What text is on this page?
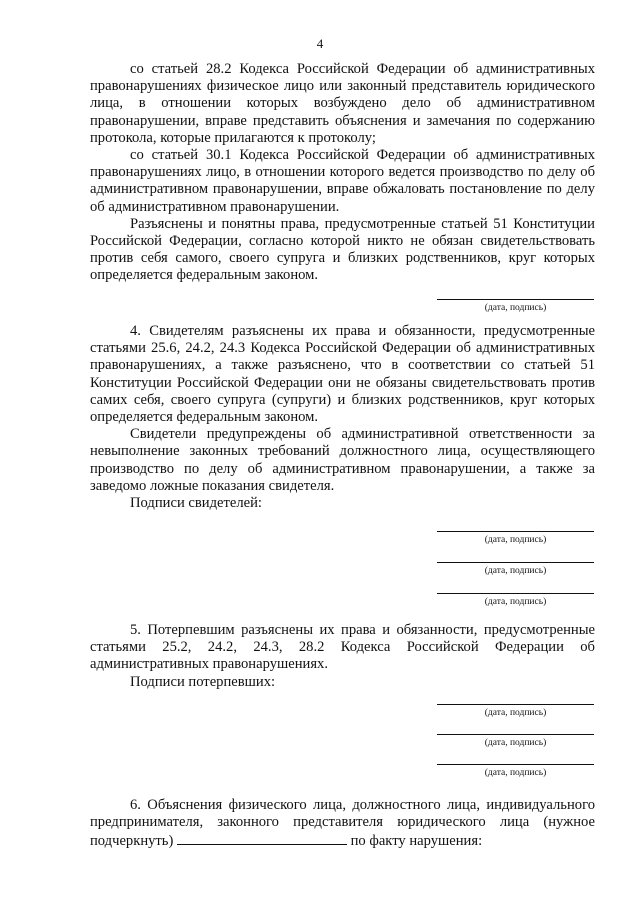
4

со статьей 28.2 Кодекса Российской Федерации об административных правонарушениях физическое лицо или законный представитель юридического лица, в отношении которых возбуждено дело об административном правонарушении, вправе представить объяснения и замечания по содержанию протокола, которые прилагаются к протоколу;

со статьей 30.1 Кодекса Российской Федерации об административных правонарушениях лицо, в отношении которого ведется производство по делу об административном правонарушении, вправе обжаловать постановление по делу об административном правонарушении.

Разъяснены и понятны права, предусмотренные статьей 51 Конституции Российской Федерации, согласно которой никто не обязан свидетельствовать против себя самого, своего супруга и близких родственников, круг которых определяется федеральным законом.

(дата, подпись)

4. Свидетелям разъяснены их права и обязанности, предусмотренные статьями 25.6, 24.2, 24.3 Кодекса Российской Федерации об административных правонарушениях, а также разъяснено, что в соответствии со статьей 51 Конституции Российской Федерации они не обязаны свидетельствовать против самих себя, своего супруга (супруги) и близких родственников, круг которых определяется федеральным законом.

Свидетели предупреждены об административной ответственности за невыполнение законных требований должностного лица, осуществляющего производство по делу об административном правонарушении, а также за заведомо ложные показания свидетеля.

Подписи свидетелей:

(дата, подпись)
(дата, подпись)
(дата, подпись)

5. Потерпевшим разъяснены их права и обязанности, предусмотренные статьями 25.2, 24.2, 24.3, 28.2 Кодекса Российской Федерации об административных правонарушениях.

Подписи потерпевших:

(дата, подпись)
(дата, подпись)
(дата, подпись)

6. Объяснения физического лица, должностного лица, индивидуального предпринимателя, законного представителя юридического лица (нужное подчеркнуть)	по факту нарушения:
